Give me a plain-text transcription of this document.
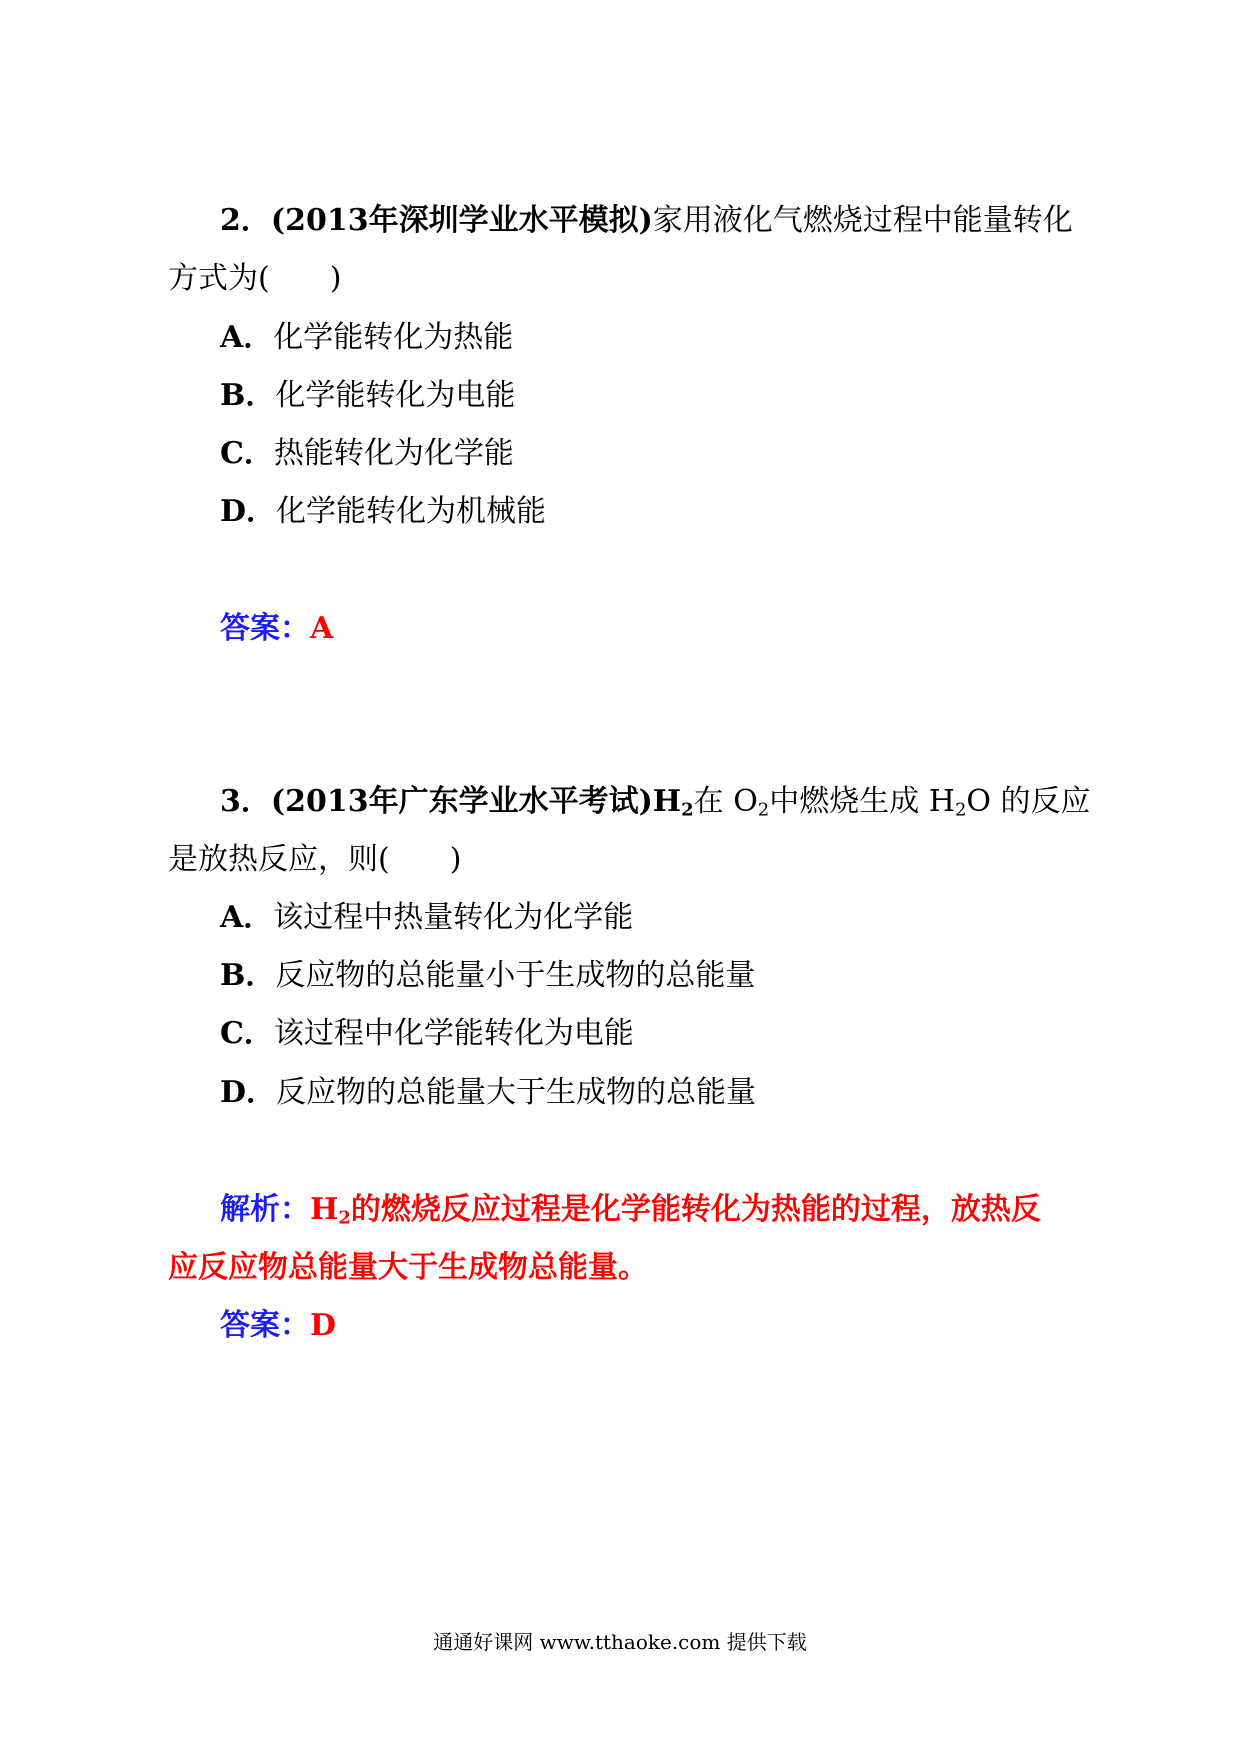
2．(2013年深圳学业水平模拟)家用液化气燃烧过程中能量转化
方式为(　　)
A．化学能转化为热能
B．化学能转化为电能
C．热能转化为化学能
D．化学能转化为机械能
答案：A
3．(2013年广东学业水平考试)$H_2$在 $O_2$中燃烧生成 $H_2O$ 的反应
是放热反应，则(　　)
A．该过程中热量转化为化学能
B．反应物的总能量小于生成物的总能量
C．该过程中化学能转化为电能
D．反应物的总能量大于生成物的总能量
解析：$H_2$的燃烧反应过程是化学能转化为热能的过程，放热反
应反应物总能量大于生成物总能量。
答案：D
通通好课网 www.tthaoke.com 提供下载
